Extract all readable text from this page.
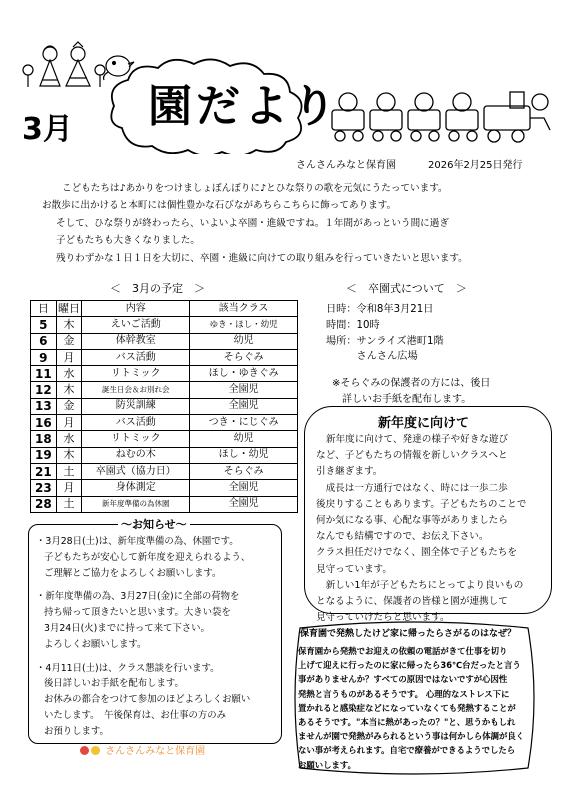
園だより
3月
さんさんみなと保育園	2026年2月25日発行
こどもたちは♪あかりをつけましょぼんぼりに♪とひな祭りの歌を元気にうたっています。
お散歩に出かけると本町には個性豊かな石びながあちらこちらに飾ってあります。
そして、ひな祭りが終わったら、いよいよ卒園・進級ですね。１年間があっという間に過ぎ
子どもたちも大きくなりました。
残りわずかな１日１日を大切に、卒園・進級に向けての取り組みを行っていきたいと思います。
＜　3月の予定　＞
日	曜日	内容	該当クラス
5	木	えいご活動	ゆき・ほし・幼児
6	金	体幹教室	幼児
9	月	バス活動	そらぐみ
11	水	リトミック	ほし・ゆきぐみ
12	木	誕生日会＆お別れ会	全園児
13	金	防災訓練	全園児
16	月	バス活動	つき・にじぐみ
18	水	リトミック	幼児
19	木	ねむの木	ほし・幼児
21	土	卒園式（協力日）	そらぐみ
23	月	身体測定	全園児
28	土	新年度準備の為休園	全園児
＜　卒園式について　＞
日時：令和8年3月21日
時間：10時
場所：サンライズ港町1階
　　　さんさん広場
※そらぐみの保護者の方には、後日
　詳しいお手紙を配布します。
新年度に向けて
新年度に向けて、発達の様子や好きな遊び
など、子どもたちの情報を新しいクラスへと
引き継ぎます。
　成長は一方通行ではなく、時には一歩二歩
後戻りすることもあります。子どもたちのことで
何か気になる事、心配な事等がありましたら
なんでも結構ですので、お伝え下さい。
クラス担任だけでなく、園全体で子どもたちを
見守っています。
　新しい1年が子どもたちにとってより良いもの
となるように、保護者の皆様と園が連携して
見守っていけたらと思います。
～お知らせ～
・3月28日(土)は、新年度準備の為、休園です。
子どもたちが安心して新年度を迎えられるよう、
ご理解とご協力をよろしくお願いします。
・新年度準備の為、3月27日(金)に全部の荷物を
持ち帰って頂きたいと思います。大きい袋を
3月24日(火)までに持って来て下さい。
よろしくお願いします。
・4月11日(土)は、クラス懇談を行います。
後日詳しいお手紙を配布します。
お休みの都合をつけて参加のほどよろしくお願い
いたします。　午後保育は、お仕事の方のみ
お預りします。
保育園で発熱したけど家に帰ったらさがるのはなぜ？
保育園から発熱でお迎えの依頼の電話がきて仕事を切り
上げて迎えに行ったのに家に帰ったら36℃台だったと言う
事がありませんか？すべての原因ではないですが心因性
発熱と言うものがあるそうです。 心理的なストレス下に
置かれると感染症などになっていなくても発熱することが
あるそうです。"本当に熱があったの？"と、思うかもしれ
ませんが園で発熱がみられるという事は何かしら体調が良く
ない事が考えられます。自宅で療養ができるようでしたら
お願いします。
さんさんみなと保育園
